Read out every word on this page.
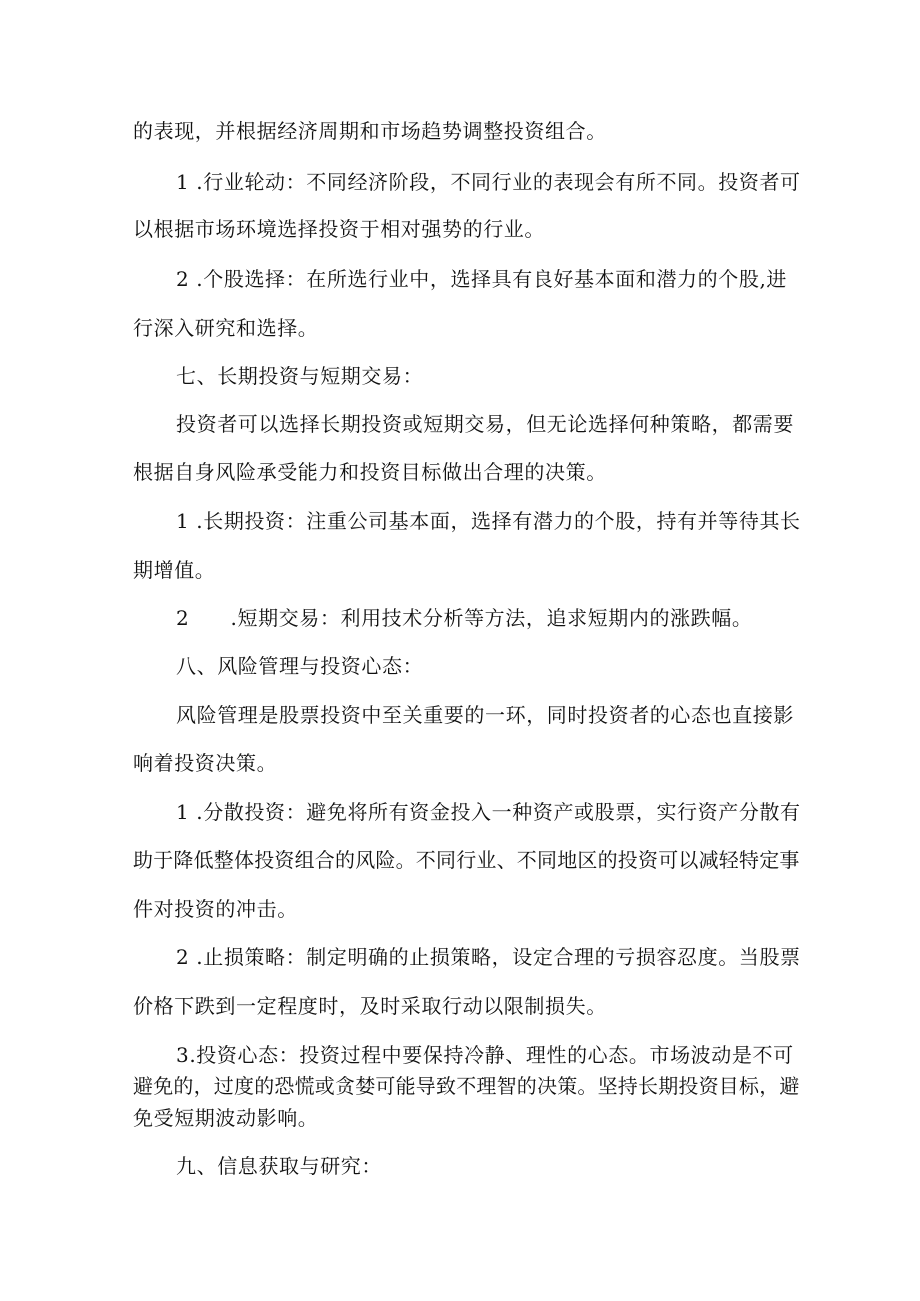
的表现，并根据经济周期和市场趋势调整投资组合。
1 .行业轮动：不同经济阶段，不同行业的表现会有所不同。投资者可
以根据市场环境选择投资于相对强势的行业。
2 .个股选择：在所选行业中，选择具有良好基本面和潜力的个股,进
行深入研究和选择。
七、长期投资与短期交易：
投资者可以选择长期投资或短期交易，但无论选择何种策略，都需要
根据自身风险承受能力和投资目标做出合理的决策。
1 .长期投资：注重公司基本面，选择有潜力的个股，持有并等待其长
期增值。
2　　.短期交易：利用技术分析等方法，追求短期内的涨跌幅。
八、风险管理与投资心态：
风险管理是股票投资中至关重要的一环，同时投资者的心态也直接影
响着投资决策。
1 .分散投资：避免将所有资金投入一种资产或股票，实行资产分散有
助于降低整体投资组合的风险。不同行业、不同地区的投资可以减轻特定事
件对投资的冲击。
2 .止损策略：制定明确的止损策略，设定合理的亏损容忍度。当股票
价格下跌到一定程度时，及时采取行动以限制损失。
3.投资心态：投资过程中要保持冷静、理性的心态。市场波动是不可
避免的，过度的恐慌或贪婪可能导致不理智的决策。坚持长期投资目标，避
免受短期波动影响。
九、信息获取与研究：
